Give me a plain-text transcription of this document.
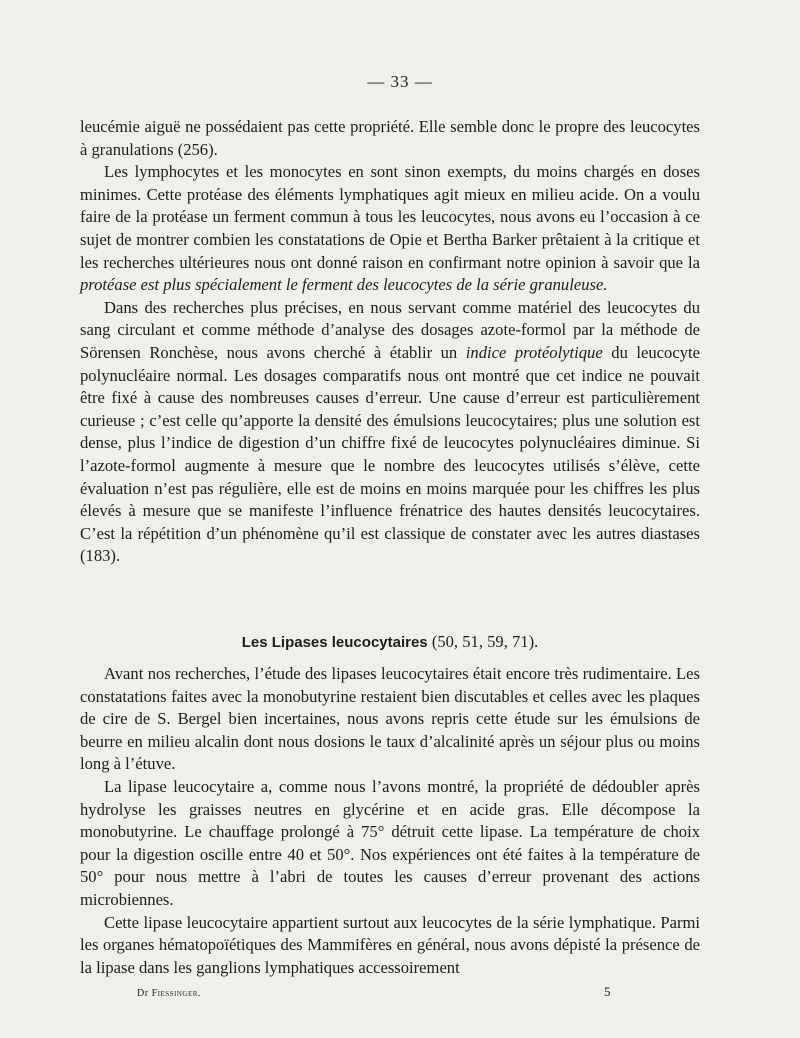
— 33 —

leucémie aiguë ne possédaient pas cette propriété. Elle semble donc le propre des leucocytes à granulations (256).

Les lymphocytes et les monocytes en sont sinon exempts, du moins chargés en doses minimes. Cette protéase des éléments lymphatiques agit mieux en milieu acide. On a voulu faire de la protéase un ferment commun à tous les leucocytes, nous avons eu l’occasion à ce sujet de montrer combien les constatations de Opie et Bertha Barker prêtaient à la critique et les recherches ultérieures nous ont donné raison en confirmant notre opinion à savoir que la protéase est plus spécialement le ferment des leucocytes de la série granuleuse.

Dans des recherches plus précises, en nous servant comme matériel des leucocytes du sang circulant et comme méthode d’analyse des dosages azote-formol par la méthode de Sörensen Ronchèse, nous avons cherché à établir un indice protéolytique du leucocyte polynucléaire normal. Les dosages comparatifs nous ont montré que cet indice ne pouvait être fixé à cause des nombreuses causes d’erreur. Une cause d’erreur est particulièrement curieuse ; c’est celle qu’apporte la densité des émulsions leucocytaires; plus une solution est dense, plus l’indice de digestion d’un chiffre fixé de leucocytes polynucléaires diminue. Si l’azote-formol augmente à mesure que le nombre des leucocytes utilisés s’élève, cette évaluation n’est pas régulière, elle est de moins en moins marquée pour les chiffres les plus élevés à mesure que se manifeste l’influence frénatrice des hautes densités leucocytaires. C’est la répétition d’un phénomène qu’il est classique de constater avec les autres diastases (183).

Les Lipases leucocytaires (50, 51, 59, 71).

Avant nos recherches, l’étude des lipases leucocytaires était encore très rudimentaire. Les constatations faites avec la monobutyrine restaient bien discutables et celles avec les plaques de cire de S. Bergel bien incertaines, nous avons repris cette étude sur les émulsions de beurre en milieu alcalin dont nous dosions le taux d’alcalinité après un séjour plus ou moins long à l’étuve.

La lipase leucocytaire a, comme nous l’avons montré, la propriété de dédoubler après hydrolyse les graisses neutres en glycérine et en acide gras. Elle décompose la monobutyrine. Le chauffage prolongé à 75° détruit cette lipase. La température de choix pour la digestion oscille entre 40 et 50°. Nos expériences ont été faites à la température de 50° pour nous mettre à l’abri de toutes les causes d’erreur provenant des actions microbiennes.

Cette lipase leucocytaire appartient surtout aux leucocytes de la série lymphatique. Parmi les organes hématopoïétiques des Mammifères en général, nous avons dépisté la présence de la lipase dans les ganglions lymphatiques accessoirement

Dr Fiessinger.	5
